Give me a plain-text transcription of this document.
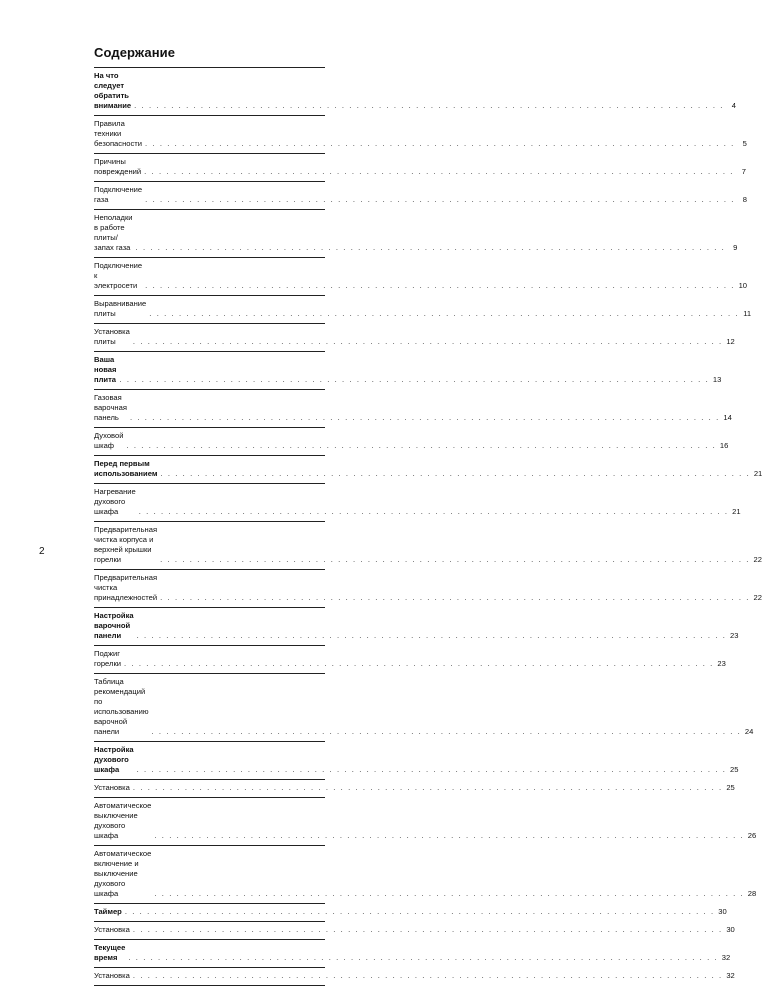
Содержание
На что следует обратить внимание . . . . . . . . . . . . . . . . . . . . . . . . . . . . . . . . . . . . . . . . . . . . . . . . . . . . . . . . . . . . . . . . . . . . . . . . . . . . . . . .	4
Правила техники безопасности . . . . . . . . . . . . . . . . . . . . . . . . . . . . . . . . . . . . . . . . . . . . . . . . . . . . . . . . . . . . . . . . . . . . . . . . . . . . . . . .	5
Причины повреждений . . . . . . . . . . . . . . . . . . . . . . . . . . . . . . . . . . . . . . . . . . . . . . . . . . . . . . . . . . . . . . . . . . . . . . . . . . . . . . . .	7
Подключение газа	. . . . . . . . . . . . . . . . . . . . . . . . . . . . . . . . . . . . . . . . . . . . . . . . . . . . . . . . . . . . . . . . . . . . . . . . . . . . . . . .	8
Неполадки в работе плиты/запах газа . . . . . . . . . . . . . . . . . . . . . . . . . . . . . . . . . . . . . . . . . . . . . . . . . . . . . . . . . . . . . . . . . . . . . . . . . . . . . . . .	9
Подключение к электросети	. . . . . . . . . . . . . . . . . . . . . . . . . . . . . . . . . . . . . . . . . . . . . . . . . . . . . . . . . . . . . . . . . . . . . . . . . . . . . . . . 10
Выравнивание плиты	. . . . . . . . . . . . . . . . . . . . . . . . . . . . . . . . . . . . . . . . . . . . . . . . . . . . . . . . . . . . . . . . . . . . . . . . . . . . . . . . 11
Установка плиты	. . . . . . . . . . . . . . . . . . . . . . . . . . . . . . . . . . . . . . . . . . . . . . . . . . . . . . . . . . . . . . . . . . . . . . . . . . . . . . . . 12
Ваша новая плита . . . . . . . . . . . . . . . . . . . . . . . . . . . . . . . . . . . . . . . . . . . . . . . . . . . . . . . . . . . . . . . . . . . . . . . . . . . . . . . . 13
Газовая варочная панель	. . . . . . . . . . . . . . . . . . . . . . . . . . . . . . . . . . . . . . . . . . . . . . . . . . . . . . . . . . . . . . . . . . . . . . . . . . . . . . . . 14
Духовой шкаф	. . . . . . . . . . . . . . . . . . . . . . . . . . . . . . . . . . . . . . . . . . . . . . . . . . . . . . . . . . . . . . . . . . . . . . . . . . . . . . . . 16
Перед первым использованием . . . . . . . . . . . . . . . . . . . . . . . . . . . . . . . . . . . . . . . . . . . . . . . . . . . . . . . . . . . . . . . . . . . . . . . . . . . . . . . . 21
Нагревание духового шкафа	. . . . . . . . . . . . . . . . . . . . . . . . . . . . . . . . . . . . . . . . . . . . . . . . . . . . . . . . . . . . . . . . . . . . . . . . . . . . . . . . 21
Предварительная чистка корпуса и
верхней крышки горелки	. . . . . . . . . . . . . . . . . . . . . . . . . . . . . . . . . . . . . . . . . . . . . . . . . . . . . . . . . . . . . . . . . . . . . . . . . . . . . . . . 22
Предварительная чистка принадлежностей . . . . . . . . . . . . . . . . . . . . . . . . . . . . . . . . . . . . . . . . . . . . . . . . . . . . . . . . . . . . . . . . . . . . . . . . . . . . . . . . 22
Настройка варочной панели	. . . . . . . . . . . . . . . . . . . . . . . . . . . . . . . . . . . . . . . . . . . . . . . . . . . . . . . . . . . . . . . . . . . . . . . . . . . . . . . . 23
Поджиг горелки . . . . . . . . . . . . . . . . . . . . . . . . . . . . . . . . . . . . . . . . . . . . . . . . . . . . . . . . . . . . . . . . . . . . . . . . . . . . . . . . 23
Таблица рекомендаций по использованию
варочной панели	. . . . . . . . . . . . . . . . . . . . . . . . . . . . . . . . . . . . . . . . . . . . . . . . . . . . . . . . . . . . . . . . . . . . . . . . . . . . . . . . 24
Настройка духового шкафа	. . . . . . . . . . . . . . . . . . . . . . . . . . . . . . . . . . . . . . . . . . . . . . . . . . . . . . . . . . . . . . . . . . . . . . . . . . . . . . . . 25
Установка . . . . . . . . . . . . . . . . . . . . . . . . . . . . . . . . . . . . . . . . . . . . . . . . . . . . . . . . . . . . . . . . . . . . . . . . . . . . . . . . 25
Автоматическое выключение духового шкафа	. . . . . . . . . . . . . . . . . . . . . . . . . . . . . . . . . . . . . . . . . . . . . . . . . . . . . . . . . . . . . . . . . . . . . . . . . . . . . . . . 26
Автоматическое включение и выключение
духового шкафа	. . . . . . . . . . . . . . . . . . . . . . . . . . . . . . . . . . . . . . . . . . . . . . . . . . . . . . . . . . . . . . . . . . . . . . . . . . . . . . . . 28
Таймер . . . . . . . . . . . . . . . . . . . . . . . . . . . . . . . . . . . . . . . . . . . . . . . . . . . . . . . . . . . . . . . . . . . . . . . . . . . . . . . . 30
Установка . . . . . . . . . . . . . . . . . . . . . . . . . . . . . . . . . . . . . . . . . . . . . . . . . . . . . . . . . . . . . . . . . . . . . . . . . . . . . . . . 30
Текущее время	. . . . . . . . . . . . . . . . . . . . . . . . . . . . . . . . . . . . . . . . . . . . . . . . . . . . . . . . . . . . . . . . . . . . . . . . . . . . . . . . 32
Установка . . . . . . . . . . . . . . . . . . . . . . . . . . . . . . . . . . . . . . . . . . . . . . . . . . . . . . . . . . . . . . . . . . . . . . . . . . . . . . . . 32
2
